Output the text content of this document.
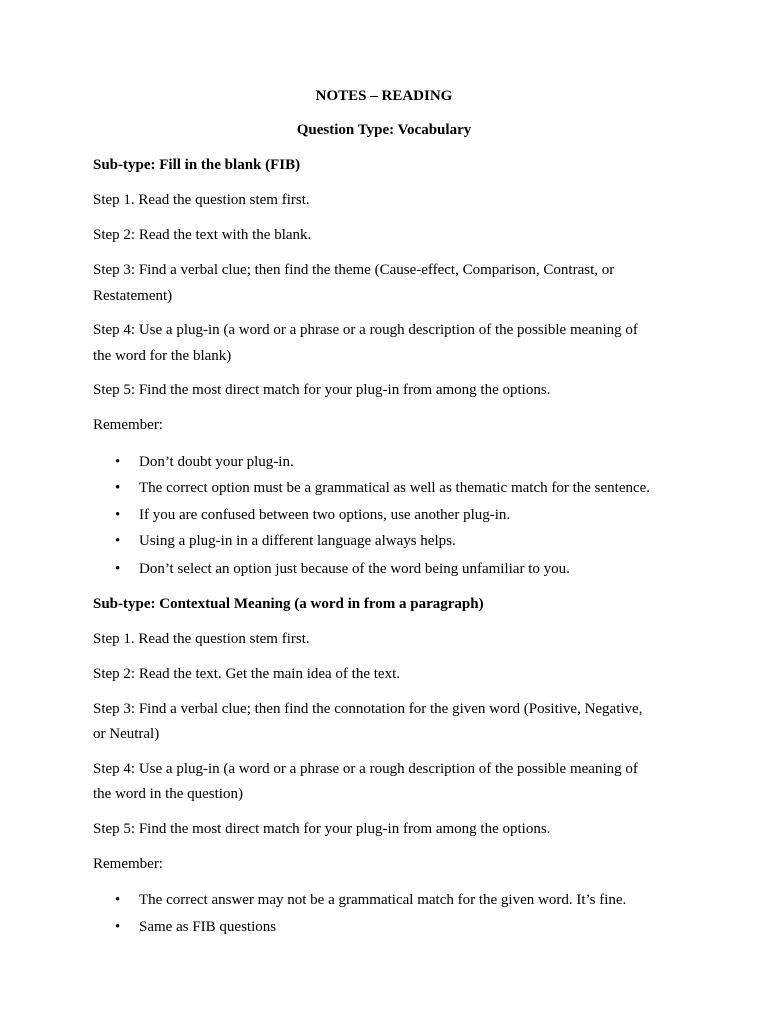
NOTES – READING
Question Type: Vocabulary
Sub-type: Fill in the blank (FIB)
Step 1. Read the question stem first.
Step 2: Read the text with the blank.
Step 3: Find a verbal clue; then find the theme (Cause-effect, Comparison, Contrast, or
Restatement)
Step 4: Use a plug-in (a word or a phrase or a rough description of the possible meaning of
the word for the blank)
Step 5: Find the most direct match for your plug-in from among the options.
Remember:
• Don’t doubt your plug-in.
• The correct option must be a grammatical as well as thematic match for the sentence.
• If you are confused between two options, use another plug-in.
• Using a plug-in in a different language always helps.
• Don’t select an option just because of the word being unfamiliar to you.
Sub-type: Contextual Meaning (a word in from a paragraph)
Step 1. Read the question stem first.
Step 2: Read the text. Get the main idea of the text.
Step 3: Find a verbal clue; then find the connotation for the given word (Positive, Negative,
or Neutral)
Step 4: Use a plug-in (a word or a phrase or a rough description of the possible meaning of
the word in the question)
Step 5: Find the most direct match for your plug-in from among the options.
Remember:
• The correct answer may not be a grammatical match for the given word. It’s fine.
• Same as FIB questions
